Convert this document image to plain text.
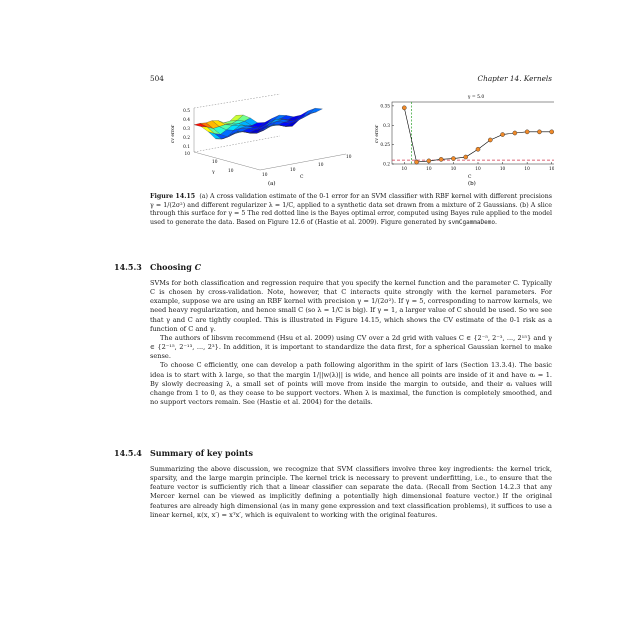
504	Chapter 14. Kernels
cv error
0.5
0.4
0.3
0.2
0.1
10
10
10
γ
10
10
10
10
C
(a)
γ = 5.0
cv error
0.35
0.3
0.25
0.2
10	10	10	10	10	10	10
C
(b)

Figure 14.15 (a) A cross validation estimate of the 0-1 error for an SVM classifier with RBF kernel with different precisions γ = 1/(2σ²) and different regularizer λ = 1/C, applied to a synthetic data set drawn from a mixture of 2 Gaussians. (b) A slice through this surface for γ = 5 The red dotted line is the Bayes optimal error, computed using Bayes rule applied to the model used to generate the data. Based on Figure 12.6 of (Hastie et al. 2009). Figure generated by svmCgammaDemo.

14.5.3 Choosing C

SVMs for both classification and regression require that you specify the kernel function and the parameter C. Typically C is chosen by cross-validation. Note, however, that C interacts quite strongly with the kernel parameters. For example, suppose we are using an RBF kernel with precision γ = 1/(2σ²). If γ = 5, corresponding to narrow kernels, we need heavy regularization, and hence small C (so λ = 1/C is big). If γ = 1, a larger value of C should be used. So we see that γ and C are tightly coupled. This is illustrated in Figure 14.15, which shows the CV estimate of the 0-1 risk as a function of C and γ.

The authors of libsvm recommend (Hsu et al. 2009) using CV over a 2d grid with values C ∈ {2⁻⁵, 2⁻³, ..., 2¹⁵} and γ ∈ {2⁻¹⁵, 2⁻¹³, ..., 2³}. In addition, it is important to standardize the data first, for a spherical Gaussian kernel to make sense.

To choose C efficiently, one can develop a path following algorithm in the spirit of lars (Section 13.3.4). The basic idea is to start with λ large, so that the margin 1/||w(λ)|| is wide, and hence all points are inside of it and have αᵢ = 1. By slowly decreasing λ, a small set of points will move from inside the margin to outside, and their αᵢ values will change from 1 to 0, as they cease to be support vectors. When λ is maximal, the function is completely smoothed, and no support vectors remain. See (Hastie et al. 2004) for the details.

14.5.4 Summary of key points

Summarizing the above discussion, we recognize that SVM classifiers involve three key ingredients: the kernel trick, sparsity, and the large margin principle. The kernel trick is necessary to prevent underfitting, i.e., to ensure that the feature vector is sufficiently rich that a linear classifier can separate the data. (Recall from Section 14.2.3 that any Mercer kernel can be viewed as implicitly defining a potentially high dimensional feature vector.) If the original features are already high dimensional (as in many gene expression and text classification problems), it suffices to use a linear kernel, κ(x, x′) = xᵀx′, which is equivalent to working with the original features.
